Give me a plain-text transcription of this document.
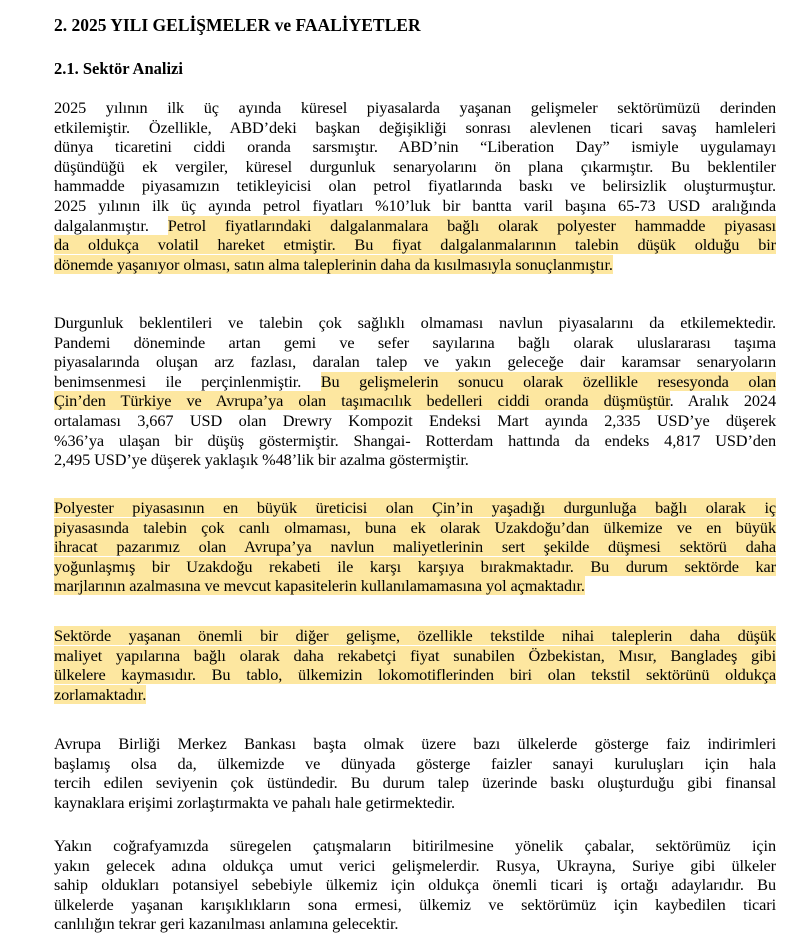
2. 2025 YILI GELİŞMELER ve FAALİYETLER
2.1. Sektör Analizi
2025 yılının ilk üç ayında küresel piyasalarda yaşanan gelişmeler sektörümüzü derinden
etkilemiştir. Özellikle, ABD’deki başkan değişikliği sonrası alevlenen ticari savaş hamleleri
dünya ticaretini ciddi oranda sarsmıştır. ABD’nin “Liberation Day” ismiyle uygulamayı
düşündüğü ek vergiler, küresel durgunluk senaryolarını ön plana çıkarmıştır. Bu beklentiler
hammadde piyasamızın tetikleyicisi olan petrol fiyatlarında baskı ve belirsizlik oluşturmuştur.
2025 yılının ilk üç ayında petrol fiyatları %10’luk bir bantta varil başına 65-73 USD aralığında
dalgalanmıştır. Petrol fiyatlarındaki dalgalanmalara bağlı olarak polyester hammadde piyasası
da oldukça volatil hareket etmiştir. Bu fiyat dalgalanmalarının talebin düşük olduğu bir
dönemde yaşanıyor olması, satın alma taleplerinin daha da kısılmasıyla sonuçlanmıştır.
Durgunluk beklentileri ve talebin çok sağlıklı olmaması navlun piyasalarını da etkilemektedir.
Pandemi döneminde artan gemi ve sefer sayılarına bağlı olarak uluslararası taşıma
piyasalarında oluşan arz fazlası, daralan talep ve yakın geleceğe dair karamsar senaryoların
benimsenmesi ile perçinlenmiştir. Bu gelişmelerin sonucu olarak özellikle resesyonda olan
Çin’den Türkiye ve Avrupa’ya olan taşımacılık bedelleri ciddi oranda düşmüştür. Aralık 2024
ortalaması 3,667 USD olan Drewry Kompozit Endeksi Mart ayında 2,335 USD’ye düşerek
%36’ya ulaşan bir düşüş göstermiştir. Shangai- Rotterdam hattında da endeks 4,817 USD’den
2,495 USD’ye düşerek yaklaşık %48’lik bir azalma göstermiştir.
Polyester piyasasının en büyük üreticisi olan Çin’in yaşadığı durgunluğa bağlı olarak iç
piyasasında talebin çok canlı olmaması, buna ek olarak Uzakdoğu’dan ülkemize ve en büyük
ihracat pazarımız olan Avrupa’ya navlun maliyetlerinin sert şekilde düşmesi sektörü daha
yoğunlaşmış bir Uzakdoğu rekabeti ile karşı karşıya bırakmaktadır. Bu durum sektörde kar
marjlarının azalmasına ve mevcut kapasitelerin kullanılamamasına yol açmaktadır.
Sektörde yaşanan önemli bir diğer gelişme, özellikle tekstilde nihai taleplerin daha düşük
maliyet yapılarına bağlı olarak daha rekabetçi fiyat sunabilen Özbekistan, Mısır, Bangladeş gibi
ülkelere kaymasıdır. Bu tablo, ülkemizin lokomotiflerinden biri olan tekstil sektörünü oldukça
zorlamaktadır.
Avrupa Birliği Merkez Bankası başta olmak üzere bazı ülkelerde gösterge faiz indirimleri
başlamış olsa da, ülkemizde ve dünyada gösterge faizler sanayi kuruluşları için hala
tercih edilen seviyenin çok üstündedir. Bu durum talep üzerinde baskı oluşturduğu gibi finansal
kaynaklara erişimi zorlaştırmakta ve pahalı hale getirmektedir.
Yakın coğrafyamızda süregelen çatışmaların bitirilmesine yönelik çabalar, sektörümüz için
yakın gelecek adına oldukça umut verici gelişmelerdir. Rusya, Ukrayna, Suriye gibi ülkeler
sahip oldukları potansiyel sebebiyle ülkemiz için oldukça önemli ticari iş ortağı adaylarıdır. Bu
ülkelerde yaşanan karışıklıkların sona ermesi, ülkemiz ve sektörümüz için kaybedilen ticari
canlılığın tekrar geri kazanılması anlamına gelecektir.
